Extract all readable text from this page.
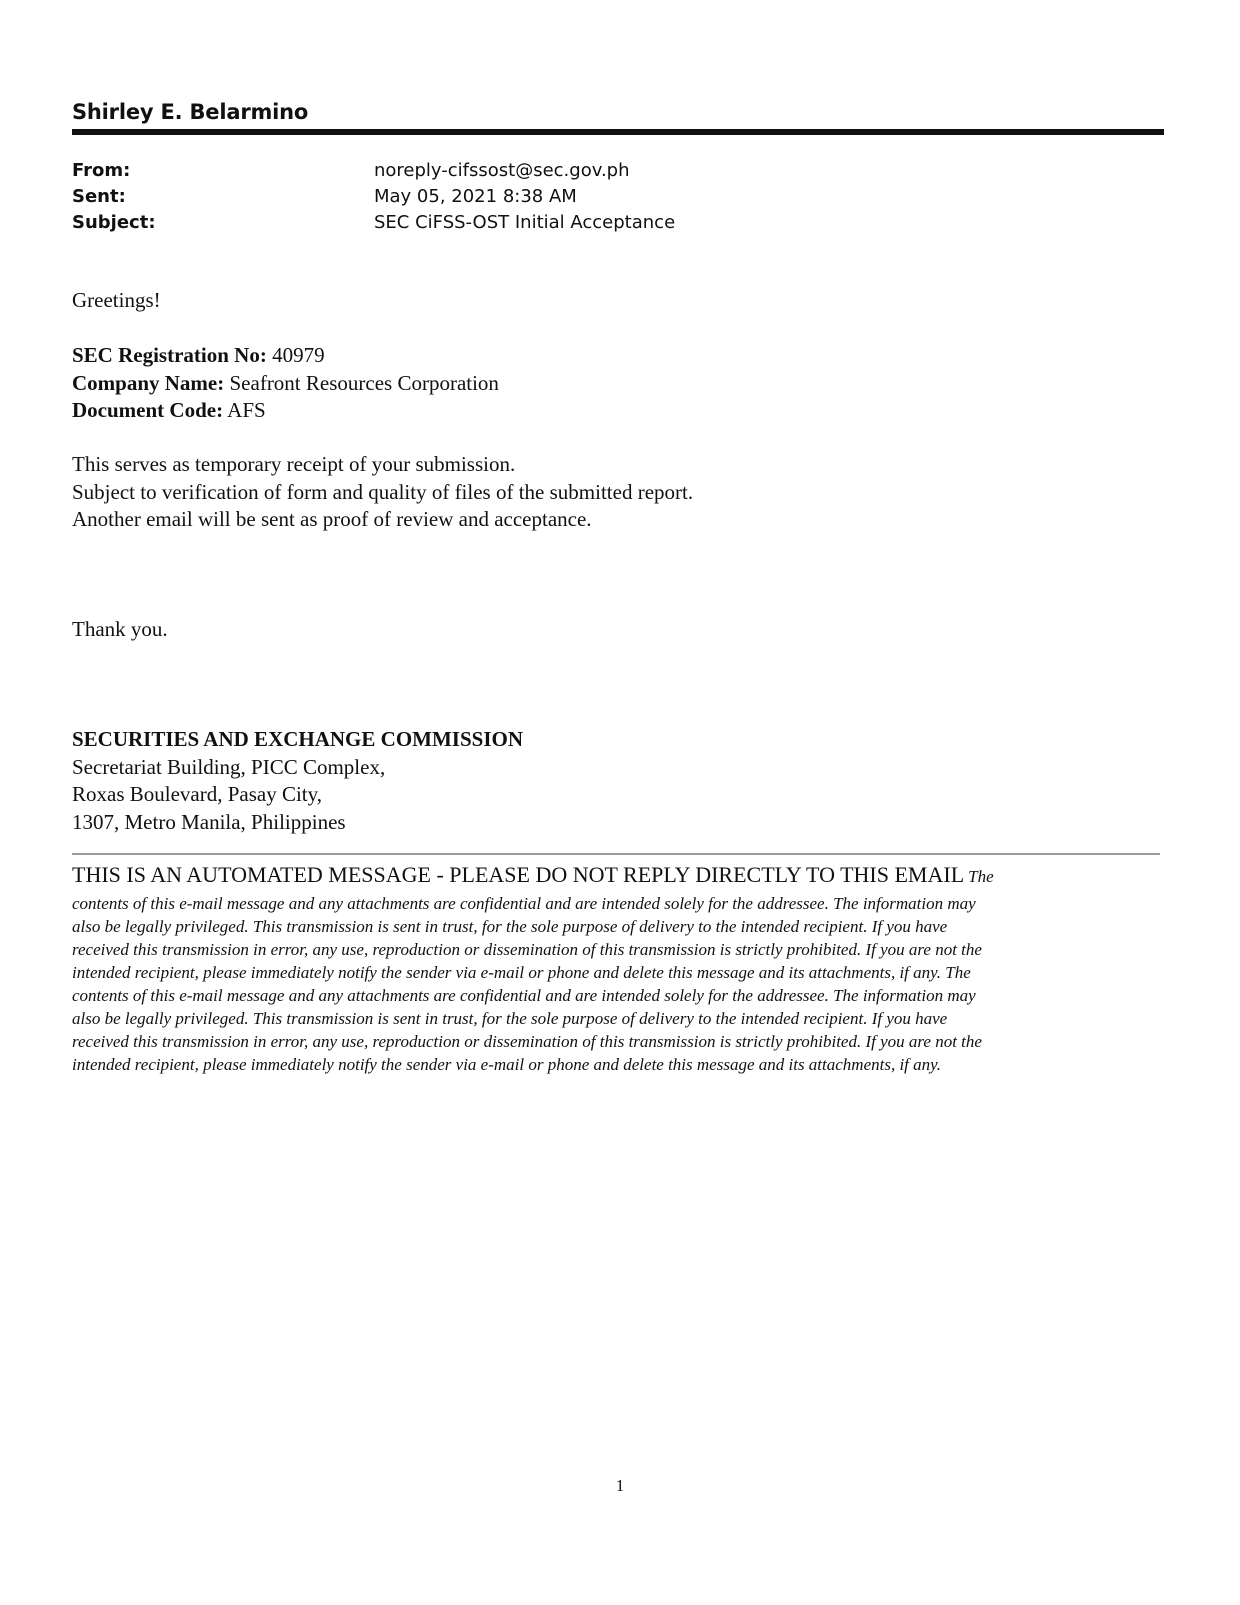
Shirley E. Belarmino
From:	noreply-cifssost@sec.gov.ph
Sent:	May 05, 2021 8:38 AM
Subject:	SEC CiFSS-OST Initial Acceptance
Greetings!
SEC Registration No: 40979
Company Name: Seafront Resources Corporation
Document Code: AFS
This serves as temporary receipt of your submission.
Subject to verification of form and quality of files of the submitted report.
Another email will be sent as proof of review and acceptance.
Thank you.
SECURITIES AND EXCHANGE COMMISSION
Secretariat Building, PICC Complex,
Roxas Boulevard, Pasay City,
1307, Metro Manila, Philippines
THIS IS AN AUTOMATED MESSAGE - PLEASE DO NOT REPLY DIRECTLY TO THIS EMAIL The
contents of this e-mail message and any attachments are confidential and are intended solely for the addressee. The information may
also be legally privileged. This transmission is sent in trust, for the sole purpose of delivery to the intended recipient. If you have
received this transmission in error, any use, reproduction or dissemination of this transmission is strictly prohibited. If you are not the
intended recipient, please immediately notify the sender via e-mail or phone and delete this message and its attachments, if any. The
contents of this e-mail message and any attachments are confidential and are intended solely for the addressee. The information may
also be legally privileged. This transmission is sent in trust, for the sole purpose of delivery to the intended recipient. If you have
received this transmission in error, any use, reproduction or dissemination of this transmission is strictly prohibited. If you are not the
intended recipient, please immediately notify the sender via e-mail or phone and delete this message and its attachments, if any.
1
